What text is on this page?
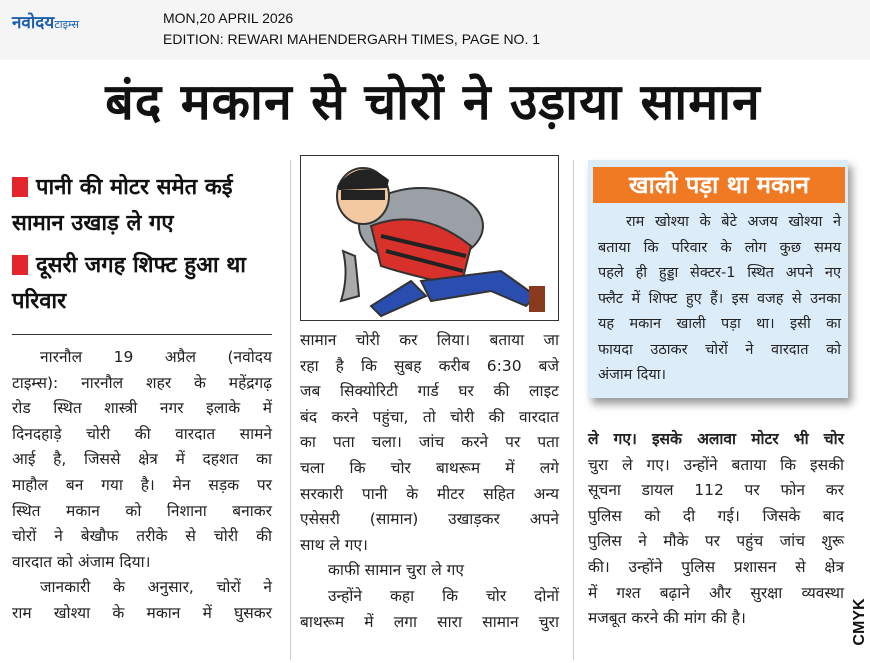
नवोदयटाइम्स	MON,20 APRIL 2026
EDITION: REWARI MAHENDERGARH TIMES, PAGE NO. 1
बंद मकान से चोरों ने उड़ाया सामान
पानी की मोटर समेत कई
सामान उखाड़ ले गए
दूसरी जगह शिफ्ट हुआ था
परिवार
नारनौल 19 अप्रैल (नवोदय
टाइम्स): नारनौल शहर के महेंद्रगढ़
रोड स्थित शास्त्री नगर इलाके में
दिनदहाड़े चोरी की वारदात सामने
आई है, जिससे क्षेत्र में दहशत का
माहौल बन गया है। मेन सड़क पर
स्थित मकान को निशाना बनाकर
चोरों ने बेखौफ तरीके से चोरी की
वारदात को अंजाम दिया।
जानकारी के अनुसार, चोरों ने
राम खोश्या के मकान में घुसकर
सामान चोरी कर लिया। बताया जा
रहा है कि सुबह करीब 6:30 बजे
जब सिक्योरिटी गार्ड घर की लाइट
बंद करने पहुंचा, तो चोरी की वारदात
का पता चला। जांच करने पर पता
चला कि चोर बाथरूम में लगे
सरकारी पानी के मीटर सहित अन्य
एसेसरी (सामान) उखाड़कर अपने
साथ ले गए।
काफी सामान चुरा ले गए
उन्होंने कहा कि चोर दोनों
बाथरूम में लगा सारा सामान चुरा
खाली पड़ा था मकान
राम खोश्या के बेटे अजय खोश्या ने
बताया कि परिवार के लोग कुछ समय
पहले ही हुड्डा सेक्टर-1 स्थित अपने नए
फ्लैट में शिफ्ट हुए हैं। इस वजह से उनका
यह मकान खाली पड़ा था। इसी का
फायदा उठाकर चोरों ने वारदात को
अंजाम दिया।
ले गए। इसके अलावा मोटर भी चोर
चुरा ले गए। उन्होंने बताया कि इसकी
सूचना डायल 112 पर फोन कर
पुलिस को दी गई। जिसके बाद
पुलिस ने मौके पर पहुंच जांच शुरू
की। उन्होंने पुलिस प्रशासन से क्षेत्र
में गश्त बढ़ाने और सुरक्षा व्यवस्था
मजबूत करने की मांग की है।	CMYK
